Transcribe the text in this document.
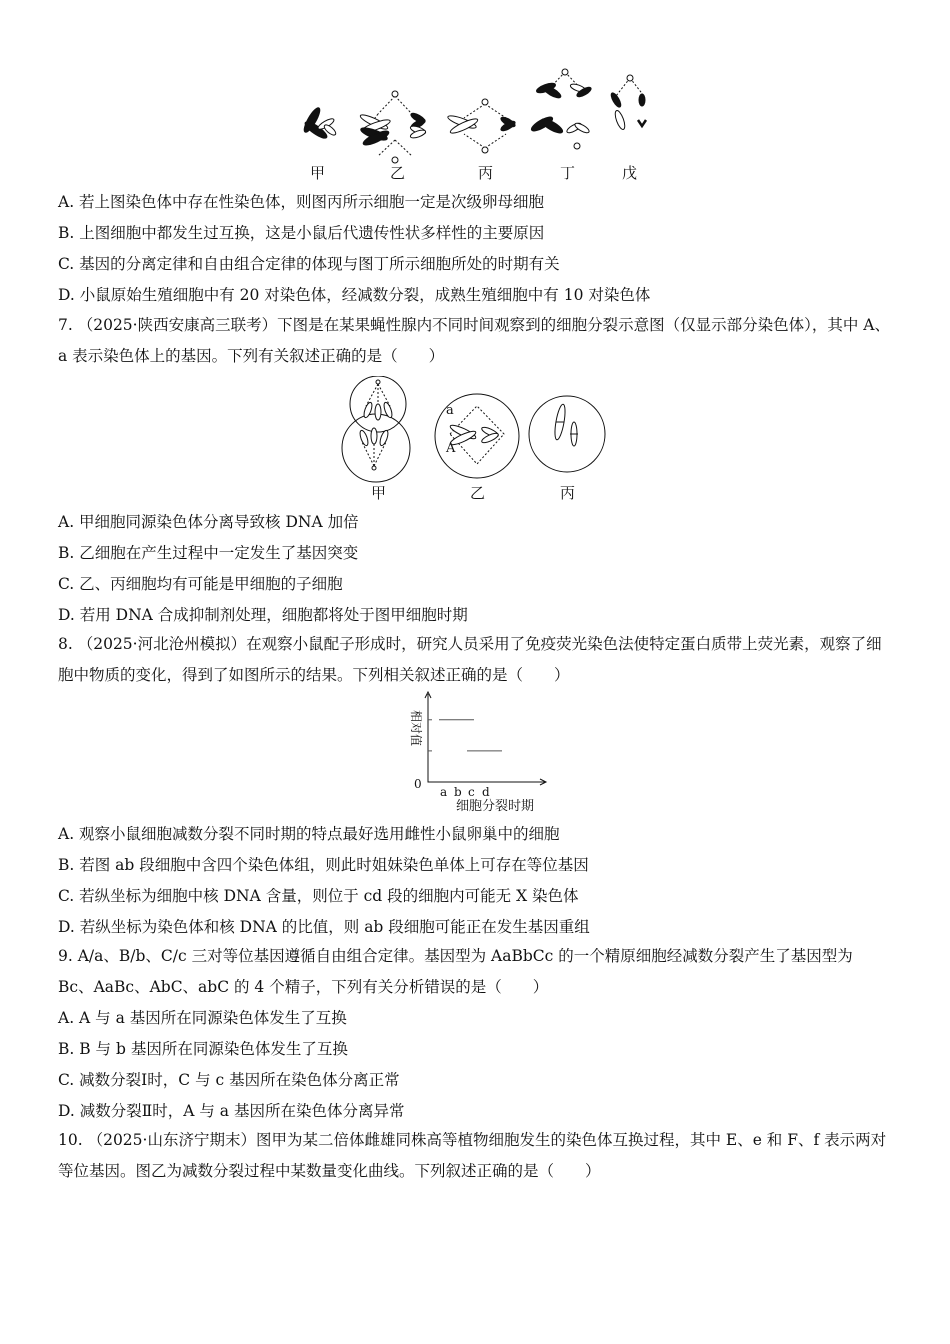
甲	乙	丙	丁	戊
A. 若上图染色体中存在性染色体，则图丙所示细胞一定是次级卵母细胞
B. 上图细胞中都发生过互换，这是小鼠后代遗传性状多样性的主要原因
C. 基因的分离定律和自由组合定律的体现与图丁所示细胞所处的时期有关
D. 小鼠原始生殖细胞中有 20 对染色体，经减数分裂，成熟生殖细胞中有 10 对染色体
7. （2025·陕西安康高三联考）下图是在某果蝇性腺内不同时间观察到的细胞分裂示意图（仅显示部分染色体），其中 A、a 表示染色体上的基因。下列有关叙述正确的是（　　）
a
A
甲	乙	丙
A. 甲细胞同源染色体分离导致核 DNA 加倍
B. 乙细胞在产生过程中一定发生了基因突变
C. 乙、丙细胞均有可能是甲细胞的子细胞
D. 若用 DNA 合成抑制剂处理，细胞都将处于图甲细胞时期
8. （2025·河北沧州模拟）在观察小鼠配子形成时，研究人员采用了免疫荧光染色法使特定蛋白质带上荧光素，观察了细胞中物质的变化，得到了如图所示的结果。下列相关叙述正确的是（　　）
相对值
0
a b c d
细胞分裂时期
A. 观察小鼠细胞减数分裂不同时期的特点最好选用雌性小鼠卵巢中的细胞
B. 若图 ab 段细胞中含四个染色体组，则此时姐妹染色单体上可存在等位基因
C. 若纵坐标为细胞中核 DNA 含量，则位于 cd 段的细胞内可能无 X 染色体
D. 若纵坐标为染色体和核 DNA 的比值，则 ab 段细胞可能正在发生基因重组
9. A/a、B/b、C/c 三对等位基因遵循自由组合定律。基因型为 AaBbCc 的一个精原细胞经减数分裂产生了基因型为 Bc、AaBc、AbC、abC 的 4 个精子，下列有关分析错误的是（　　）
A. A 与 a 基因所在同源染色体发生了互换
B. B 与 b 基因所在同源染色体发生了互换
C. 减数分裂Ⅰ时，C 与 c 基因所在染色体分离正常
D. 减数分裂Ⅱ时，A 与 a 基因所在染色体分离异常
10. （2025·山东济宁期末）图甲为某二倍体雌雄同株高等植物细胞发生的染色体互换过程，其中 E、e 和 F、f 表示两对等位基因。图乙为减数分裂过程中某数量变化曲线。下列叙述正确的是（　　）
